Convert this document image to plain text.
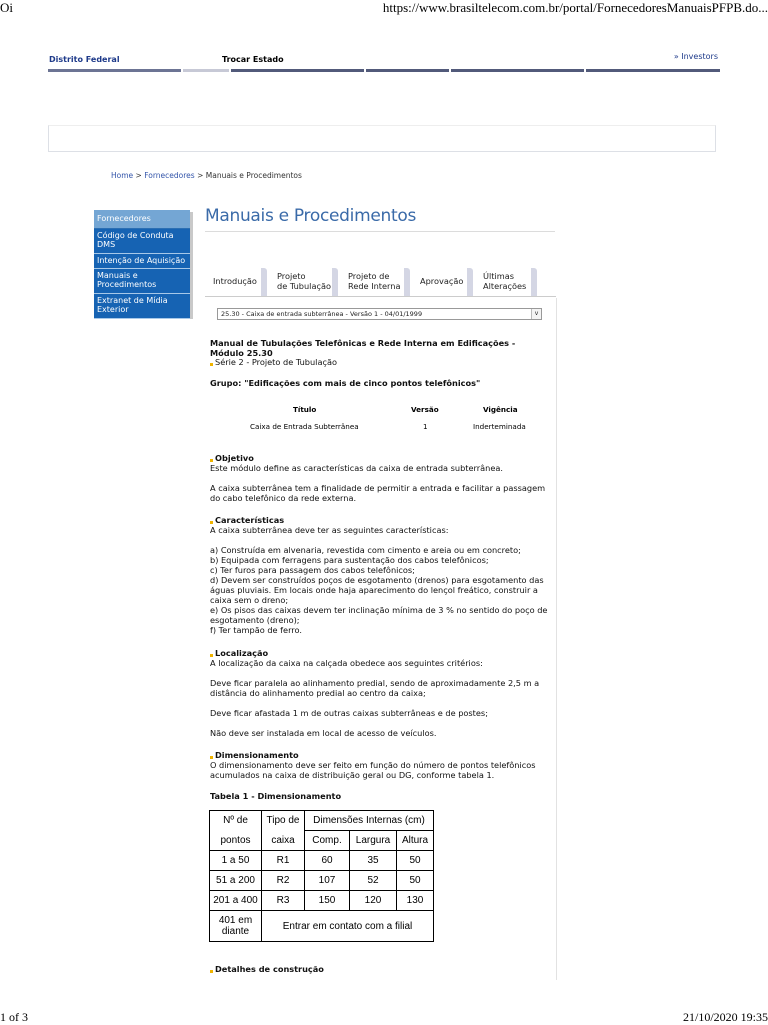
Oi	https://www.brasiltelecom.com.br/portal/FornecedoresManuaisPFPB.do...
Distrito Federal	Trocar Estado	» Investors
Home > Fornecedores > Manuais e Procedimentos
Fornecedores
Código de Conduta DMS
Intenção de Aquisição
Manuais e Procedimentos
Extranet de Mídia Exterior
Manuais e Procedimentos
Introdução	Projeto
de Tubulação
Projeto de
Rede Interna	Aprovação	Últimas
Alterações
25.30 - Caixa de entrada subterrânea - Versão 1 - 04/01/1999	v
Manual de Tubulações Telefônicas e Rede Interna em Edificações -
Módulo 25.30
Série 2 - Projeto de Tubulação
Grupo: "Edificações com mais de cinco pontos telefônicos"
Título	Versão	Vigência
Caixa de Entrada Subterrânea	1	Inderteminada
Objetivo
Este módulo define as características da caixa de entrada subterrânea.

A caixa subterrânea tem a finalidade de permitir a entrada e facilitar a passagem
do cabo telefônico da rede externa.
Características
A caixa subterrânea deve ter as seguintes características:

a) Construída em alvenaria, revestida com cimento e areia ou em concreto;
b) Equipada com ferragens para sustentação dos cabos telefônicos;
c) Ter furos para passagem dos cabos telefônicos;
d) Devem ser construídos poços de esgotamento (drenos) para esgotamento das
águas pluviais. Em locais onde haja aparecimento do lençol freático, construir a
caixa sem o dreno;
e) Os pisos das caixas devem ter inclinação mínima de 3 % no sentido do poço de
esgotamento (dreno);
f) Ter tampão de ferro.
Localização
A localização da caixa na calçada obedece aos seguintes critérios:

Deve ficar paralela ao alinhamento predial, sendo de aproximadamente 2,5 m a
distância do alinhamento predial ao centro da caixa;

Deve ficar afastada 1 m de outras caixas subterrâneas e de postes;

Não deve ser instalada em local de acesso de veículos.
Dimensionamento
O dimensionamento deve ser feito em função do número de pontos telefônicos
acumulados na caixa de distribuição geral ou DG, conforme tabela 1.
Tabela 1 - Dimensionamento
Nº de	Tipo de	Dimensões Internas (cm)		
pontos	caixa	Comp.	Largura	Altura
1 a 50	R1	60	35	50
51 a 200	R2	107	52	50
201 a 400	R3	150	120	130
401 em
diante	Entrar em contato com a filial			
Detalhes de construção
1 of 3	21/10/2020 19:35
